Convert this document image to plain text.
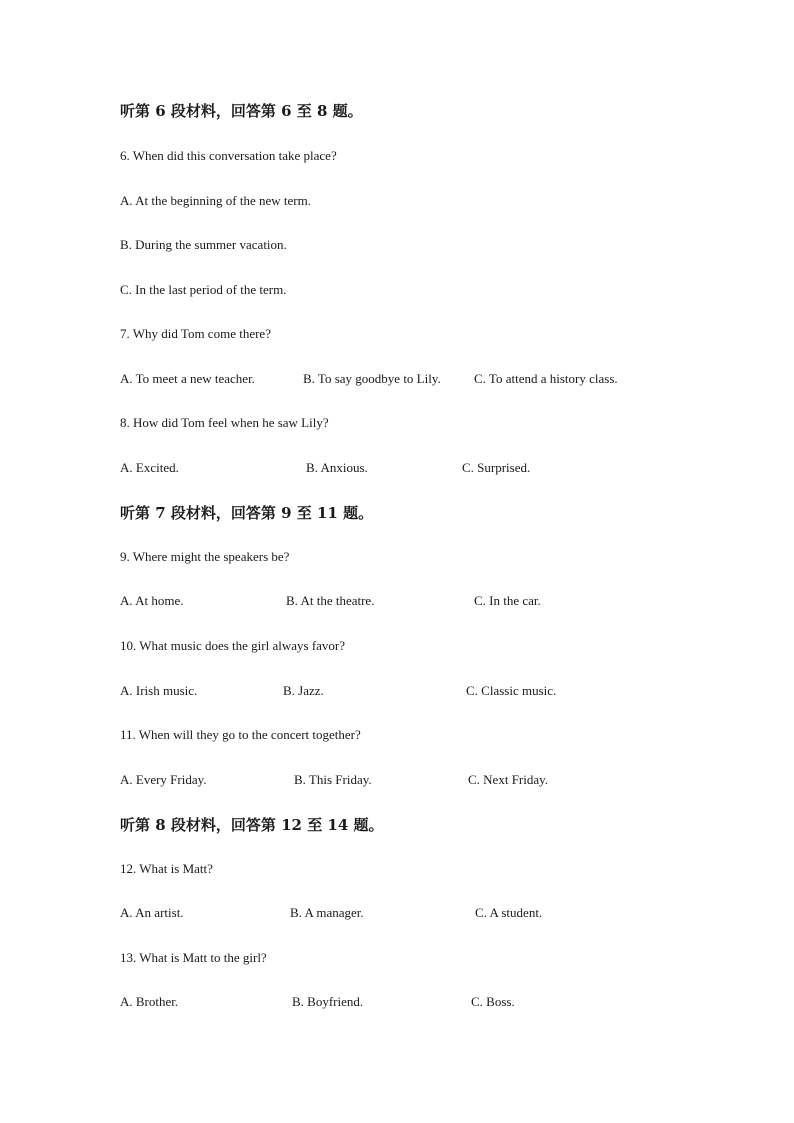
听第 6 段材料，回答第 6 至 8 题。
6. When did this conversation take place?
A. At the beginning of the new term.
B. During the summer vacation.
C. In the last period of the term.
7. Why did Tom come there?
A. To meet a new teacher.	B. To say goodbye to Lily.	C. To attend a history class.
8. How did Tom feel when he saw Lily?
A. Excited.	B. Anxious.	C. Surprised.
听第 7 段材料，回答第 9 至 11 题。
9. Where might the speakers be?
A. At home.	B. At the theatre.	C. In the car.
10. What music does the girl always favor?
A. Irish music.	B. Jazz.	C. Classic music.
11. When will they go to the concert together?
A. Every Friday.	B. This Friday.	C. Next Friday.
听第 8 段材料，回答第 12 至 14 题。
12. What is Matt?
A. An artist.	B. A manager.	C. A student.
13. What is Matt to the girl?
A. Brother.	B. Boyfriend.	C. Boss.
